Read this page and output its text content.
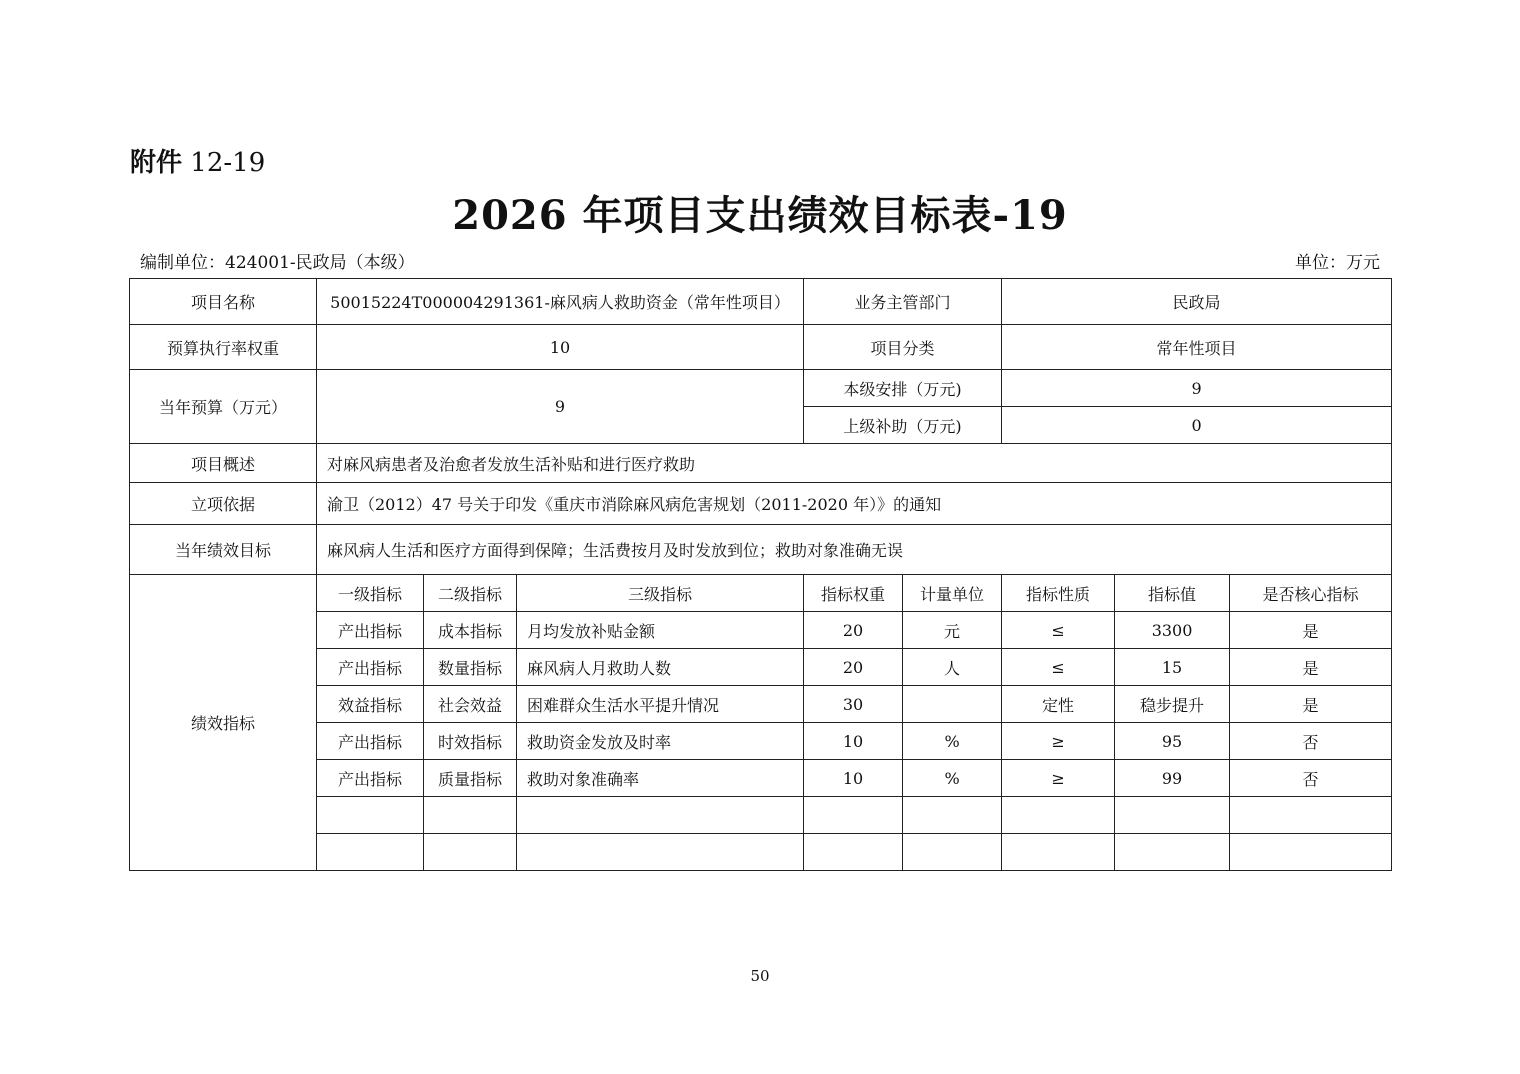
附件 12-19
2026 年项目支出绩效目标表-19
编制单位：424001-民政局（本级）	单位：万元
项目名称	50015224T000004291361-麻风病人救助资金（常年性项目）			业务主管部门		民政局		
预算执行率权重	10			项目分类		常年性项目		
当年预算（万元）	9			本级安排（万元)		9		
				上级补助（万元)		0		
项目概述	对麻风病患者及治愈者发放生活补贴和进行医疗救助							
立项依据	渝卫（2012）47 号关于印发《重庆市消除麻风病危害规划（2011-2020 年）》的通知							
当年绩效目标	麻风病人生活和医疗方面得到保障；生活费按月及时发放到位；救助对象准确无误							
绩效指标	一级指标	二级指标	三级指标	指标权重	计量单位	指标性质	指标值	是否核心指标
	产出指标	成本指标	月均发放补贴金额	20	元	≤	3300	是
	产出指标	数量指标	麻风病人月救助人数	20	人	≤	15	是
	效益指标	社会效益	困难群众生活水平提升情况	30		定性	稳步提升	是
	产出指标	时效指标	救助资金发放及时率	10	%	≥	95	否
	产出指标	质量指标	救助对象准确率	10	%	≥	99	否

50
